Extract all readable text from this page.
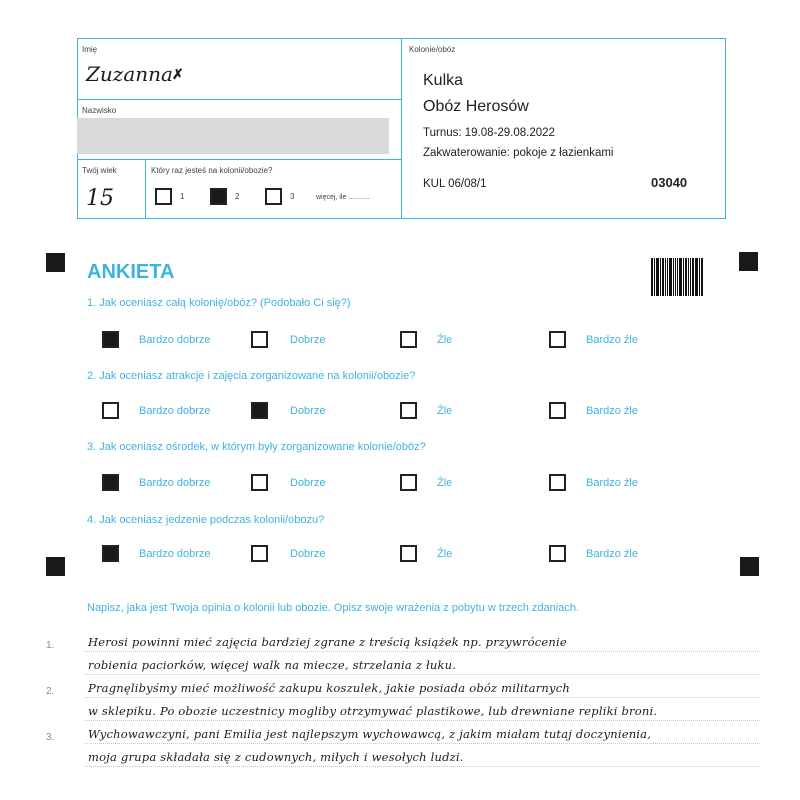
Imię
Zuzanna ✗
Nazwisko
Twój wiek
15
Który raz jesteś na kolonii/obozie?
1	2	3	więcej, ile ...........
Kolonie/obóz
Kulka
Obóz Herosów
Turnus: 19.08-29.08.2022
Zakwaterowanie: pokoje z łazienkami
KUL 06/08/1	03040
ANKIETA
1. Jak oceniasz całą kolonię/obóz? (Podobało Ci się?)
2. Jak oceniasz atrakcje i zajęcia zorganizowane na kolonii/obozie?
3. Jak oceniasz ośrodek, w którym były zorganizowane kolonie/obóz?
4. Jak oceniasz jedzenie podczas kolonii/obozu?
Bardzo dobrze	Dobrze	Źle	Bardzo źle
Bardzo dobrze	Dobrze	Źle	Bardzo źle
Bardzo dobrze	Dobrze	Źle	Bardzo źle
Bardzo dobrze	Dobrze	Źle	Bardzo źle
Napisz, jaka jest Twoja opinia o kolonii lub obozie. Opisz swoje wrażenia z pobytu w trzech zdaniach.
1.
2.
3.
Herosi powinni mieć zajęcia bardziej zgrane z treścią książek np. przywrócenie
robienia paciorków, więcej walk na miecze, strzelania z łuku.
Pragnęlibyśmy mieć możliwość zakupu koszulek, jakie posiada obóz militarnych
w sklepiku. Po obozie uczestnicy mogliby otrzymywać plastikowe, lub drewniane repliki broni.
Wychowawczyni, pani Emilia jest najlepszym wychowawcą, z jakim miałam tutaj doczynienia,
moja grupa składała się z cudownych, miłych i wesołych ludzi.
